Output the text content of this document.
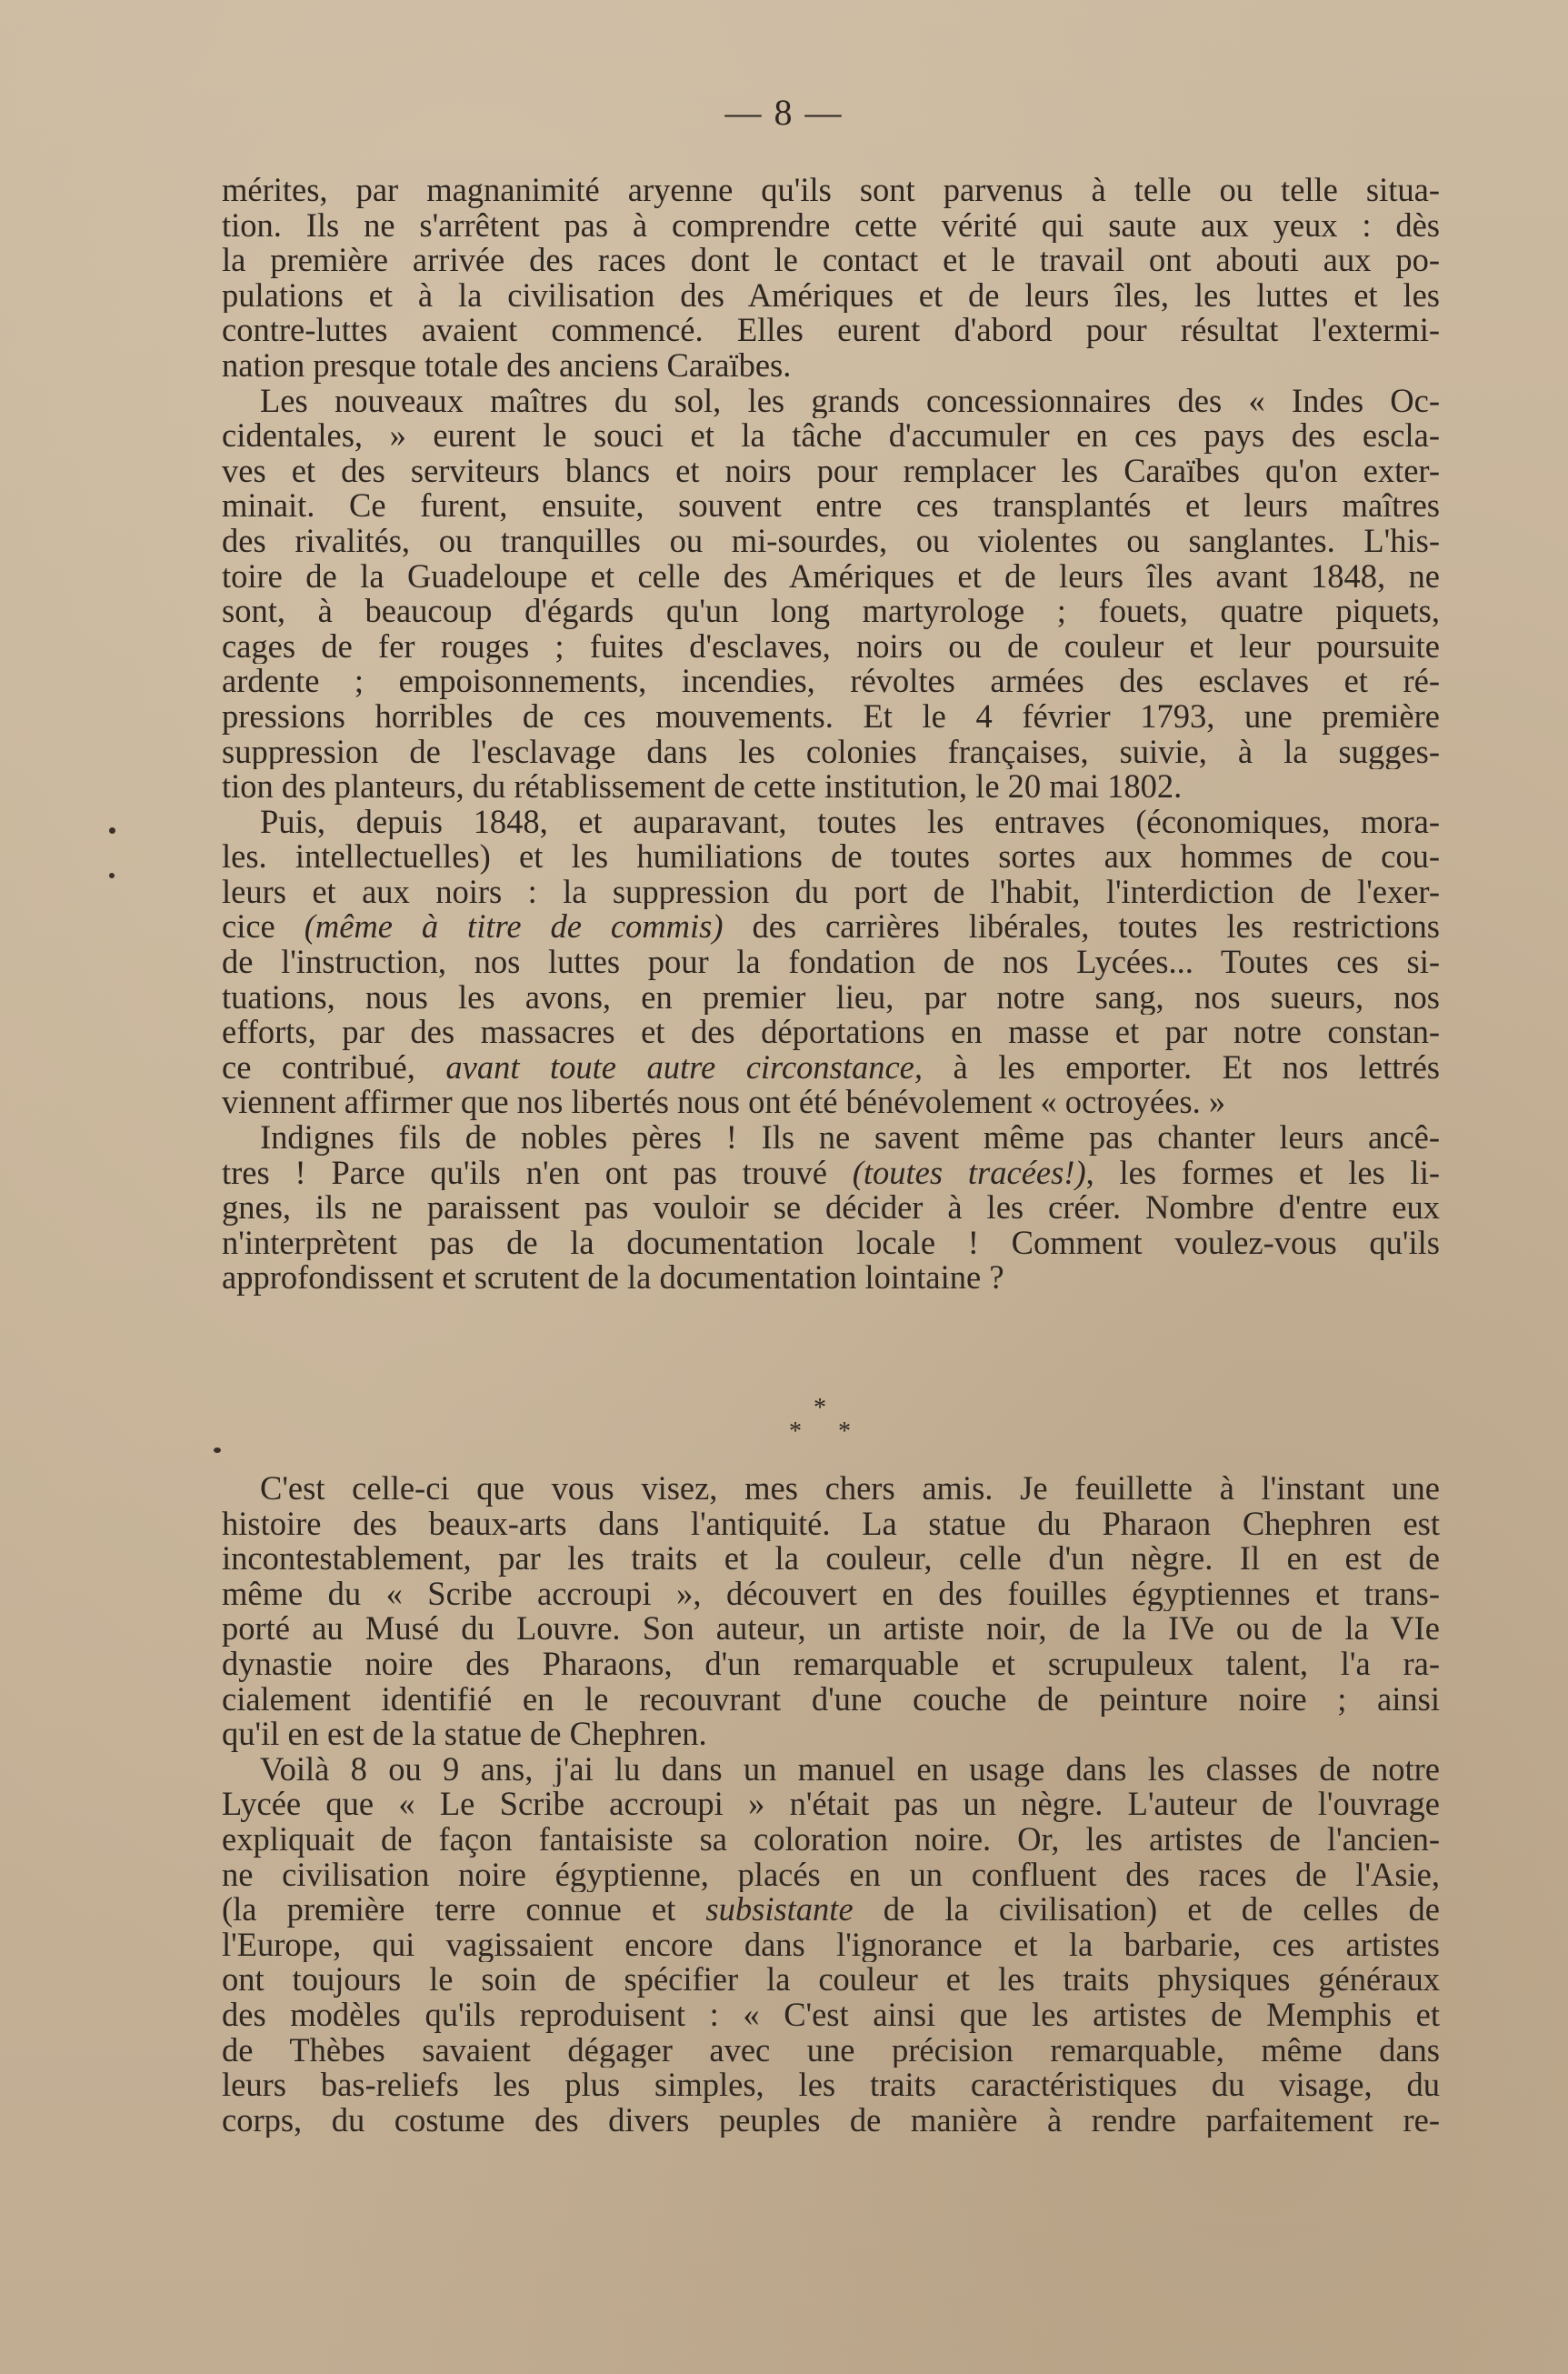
— 8 —
mérites, par magnanimité aryenne qu'ils sont parvenus à telle ou telle situa-
tion. Ils ne s'arrêtent pas à comprendre cette vérité qui saute aux yeux : dès
la première arrivée des races dont le contact et le travail ont abouti aux po-
pulations et à la civilisation des Amériques et de leurs îles, les luttes et les
contre-luttes avaient commencé. Elles eurent d'abord pour résultat l'extermi-
nation presque totale des anciens Caraïbes.
Les nouveaux maîtres du sol, les grands concessionnaires des « Indes Oc-
cidentales, » eurent le souci et la tâche d'accumuler en ces pays des escla-
ves et des serviteurs blancs et noirs pour remplacer les Caraïbes qu'on exter-
minait. Ce furent, ensuite, souvent entre ces transplantés et leurs maîtres
des rivalités, ou tranquilles ou mi-sourdes, ou violentes ou sanglantes. L'his-
toire de la Guadeloupe et celle des Amériques et de leurs îles avant 1848, ne
sont, à beaucoup d'égards qu'un long martyrologe ; fouets, quatre piquets,
cages de fer rouges ; fuites d'esclaves, noirs ou de couleur et leur poursuite
ardente ; empoisonnements, incendies, révoltes armées des esclaves et ré-
pressions horribles de ces mouvements. Et le 4 février 1793, une première
suppression de l'esclavage dans les colonies françaises, suivie, à la sugges-
tion des planteurs, du rétablissement de cette institution, le 20 mai 1802.
Puis, depuis 1848, et auparavant, toutes les entraves (économiques, mora-
les. intellectuelles) et les humiliations de toutes sortes aux hommes de cou-
leurs et aux noirs : la suppression du port de l'habit, l'interdiction de l'exer-
cice (même à titre de commis) des carrières libérales, toutes les restrictions
de l'instruction, nos luttes pour la fondation de nos Lycées... Toutes ces si-
tuations, nous les avons, en premier lieu, par notre sang, nos sueurs, nos
efforts, par des massacres et des déportations en masse et par notre constan-
ce contribué, avant toute autre circonstance, à les emporter. Et nos lettrés
viennent affirmer que nos libertés nous ont été bénévolement « octroyées. »
Indignes fils de nobles pères ! Ils ne savent même pas chanter leurs ancê-
tres ! Parce qu'ils n'en ont pas trouvé (toutes tracées!), les formes et les li-
gnes, ils ne paraissent pas vouloir se décider à les créer. Nombre d'entre eux
n'interprètent pas de la documentation locale ! Comment voulez-vous qu'ils
approfondissent et scrutent de la documentation lointaine ?
*
* *
C'est celle-ci que vous visez, mes chers amis. Je feuillette à l'instant une
histoire des beaux-arts dans l'antiquité. La statue du Pharaon Chephren est
incontestablement, par les traits et la couleur, celle d'un nègre. Il en est de
même du « Scribe accroupi », découvert en des fouilles égyptiennes et trans-
porté au Musé du Louvre. Son auteur, un artiste noir, de la IVe ou de la VIe
dynastie noire des Pharaons, d'un remarquable et scrupuleux talent, l'a ra-
cialement identifié en le recouvrant d'une couche de peinture noire ; ainsi
qu'il en est de la statue de Chephren.
Voilà 8 ou 9 ans, j'ai lu dans un manuel en usage dans les classes de notre
Lycée que « Le Scribe accroupi » n'était pas un nègre. L'auteur de l'ouvrage
expliquait de façon fantaisiste sa coloration noire. Or, les artistes de l'ancien-
ne civilisation noire égyptienne, placés en un confluent des races de l'Asie,
(la première terre connue et subsistante de la civilisation) et de celles de
l'Europe, qui vagissaient encore dans l'ignorance et la barbarie, ces artistes
ont toujours le soin de spécifier la couleur et les traits physiques généraux
des modèles qu'ils reproduisent : « C'est ainsi que les artistes de Memphis et
de Thèbes savaient dégager avec une précision remarquable, même dans
leurs bas-reliefs les plus simples, les traits caractéristiques du visage, du
corps, du costume des divers peuples de manière à rendre parfaitement re-
